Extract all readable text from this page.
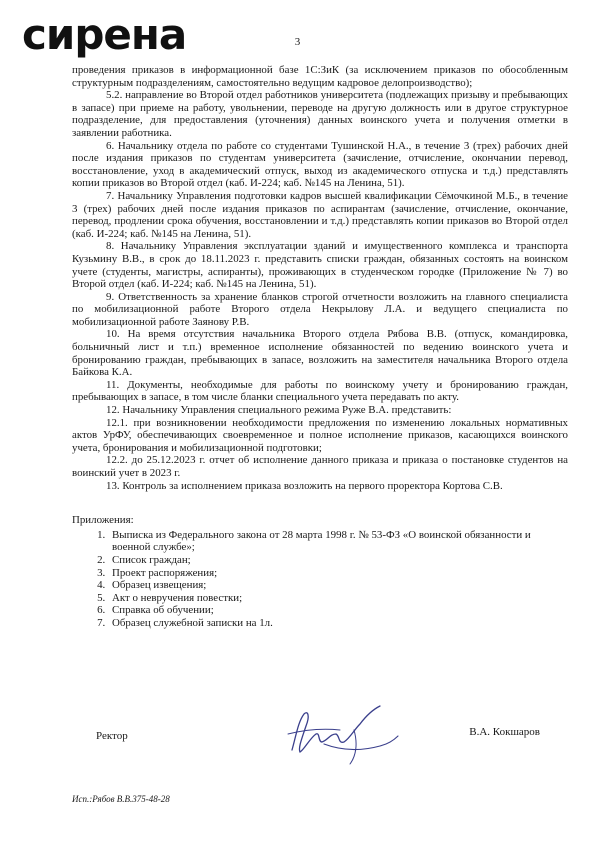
сирена	3

проведения приказов в информационной базе 1С:ЗиК (за исключением приказов по обособленным структурным подразделениям, самостоятельно ведущим кадровое делопроизводство);

5.2. направление во Второй отдел работников университета (подлежащих призыву и пребывающих в запасе) при приеме на работу, увольнении, переводе на другую должность или в другое структурное подразделение, для предоставления (уточнения) данных воинского учета и получения отметки в заявлении работника.

6. Начальнику отдела по работе со студентами Тушинской Н.А., в течение 3 (трех) рабочих дней после издания приказов по студентам университета (зачисление, отчисление, окончании перевод, восстановление, уход в академический отпуск, выход из академического отпуска и т.д.) представлять копии приказов во Второй отдел (каб. И-224; каб. №145 на Ленина, 51).

7. Начальнику Управления подготовки кадров высшей квалификации Сёмочкиной М.Б., в течение 3 (трех) рабочих дней после издания приказов по аспирантам (зачисление, отчисление, окончание, перевод, продлении срока обучения, восстановлении и т.д.) представлять копии приказов во Второй отдел (каб. И-224; каб. №145 на Ленина, 51).

8. Начальнику Управления эксплуатации зданий и имущественного комплекса и транспорта Кузьмину В.В., в срок до 18.11.2023 г. представить списки граждан, обязанных состоять на воинском учете (студенты, магистры, аспиранты), проживающих в студенческом городке (Приложение № 7) во Второй отдел (каб. И-224; каб. №145 на Ленина, 51).

9. Ответственность за хранение бланков строгой отчетности возложить на главного специалиста по мобилизационной работе Второго отдела Некрылову Л.А. и ведущего специалиста по мобилизационной работе Заянову Р.В.

10. На время отсутствия начальника Второго отдела Рябова В.В. (отпуск, командировка, больничный лист и т.п.) временное исполнение обязанностей по ведению воинского учета и бронированию граждан, пребывающих в запасе, возложить на заместителя начальника Второго отдела Байкова К.А.

11. Документы, необходимые для работы по воинскому учету и бронированию граждан, пребывающих в запасе, в том числе бланки специального учета передавать по акту.

12. Начальнику Управления специального режима Руже В.А. представить:

12.1. при возникновении необходимости предложения по изменению локальных нормативных актов УрФУ, обеспечивающих своевременное и полное исполнение приказов, касающихся воинского учета, бронирования и мобилизационной подготовки;

12.2. до 25.12.2023 г. отчет об исполнение данного приказа и приказа о постановке студентов на воинский учет в 2023 г.

13. Контроль за исполнением приказа возложить на первого проректора Кортова С.В.

Приложения:

1. Выписка из Федерального закона от 28 марта 1998 г. № 53-ФЗ «О воинской обязанности и военной службе»;
2. Список граждан;
3. Проект распоряжения;
4. Образец извещения;
5. Акт о невручения повестки;
6. Справка об обучении;
7. Образец служебной записки на 1л.
Ректор	В.А. Кокшаров
Исп.:Рябов В.В.375-48-28
